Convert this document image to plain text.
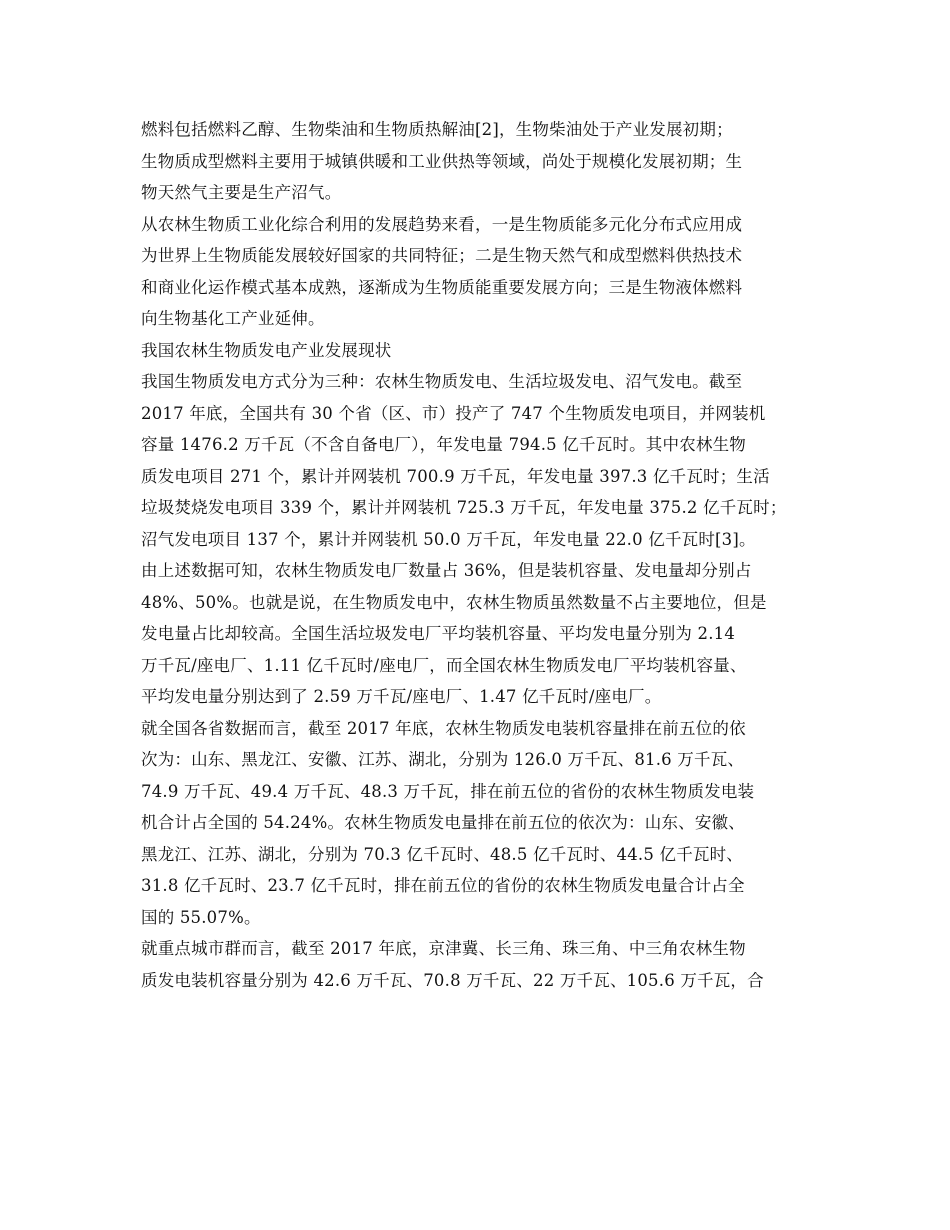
燃料包括燃料乙醇、生物柴油和生物质热解油[2]，生物柴油处于产业发展初期；
生物质成型燃料主要用于城镇供暖和工业供热等领域，尚处于规模化发展初期；生
物天然气主要是生产沼气。
从农林生物质工业化综合利用的发展趋势来看，一是生物质能多元化分布式应用成
为世界上生物质能发展较好国家的共同特征；二是生物天然气和成型燃料供热技术
和商业化运作模式基本成熟，逐渐成为生物质能重要发展方向；三是生物液体燃料
向生物基化工产业延伸。
我国农林生物质发电产业发展现状
我国生物质发电方式分为三种：农林生物质发电、生活垃圾发电、沼气发电。截至
2017 年底，全国共有 30 个省（区、市）投产了 747 个生物质发电项目，并网装机
容量 1476.2 万千瓦（不含自备电厂），年发电量 794.5 亿千瓦时。其中农林生物
质发电项目 271 个，累计并网装机 700.9 万千瓦，年发电量 397.3 亿千瓦时；生活
垃圾焚烧发电项目 339 个，累计并网装机 725.3 万千瓦，年发电量 375.2 亿千瓦时；
沼气发电项目 137 个，累计并网装机 50.0 万千瓦，年发电量 22.0 亿千瓦时[3]。
由上述数据可知，农林生物质发电厂数量占 36%，但是装机容量、发电量却分别占
48%、50%。也就是说，在生物质发电中，农林生物质虽然数量不占主要地位，但是
发电量占比却较高。全国生活垃圾发电厂平均装机容量、平均发电量分别为 2.14
万千瓦/座电厂、1.11 亿千瓦时/座电厂，而全国农林生物质发电厂平均装机容量、
平均发电量分别达到了 2.59 万千瓦/座电厂、1.47 亿千瓦时/座电厂。
就全国各省数据而言，截至 2017 年底，农林生物质发电装机容量排在前五位的依
次为：山东、黑龙江、安徽、江苏、湖北，分别为 126.0 万千瓦、81.6 万千瓦、
74.9 万千瓦、49.4 万千瓦、48.3 万千瓦，排在前五位的省份的农林生物质发电装
机合计占全国的 54.24%。农林生物质发电量排在前五位的依次为：山东、安徽、
黑龙江、江苏、湖北，分别为 70.3 亿千瓦时、48.5 亿千瓦时、44.5 亿千瓦时、
31.8 亿千瓦时、23.7 亿千瓦时，排在前五位的省份的农林生物质发电量合计占全
国的 55.07%。
就重点城市群而言，截至 2017 年底，京津冀、长三角、珠三角、中三角农林生物
质发电装机容量分别为 42.6 万千瓦、70.8 万千瓦、22 万千瓦、105.6 万千瓦，合
